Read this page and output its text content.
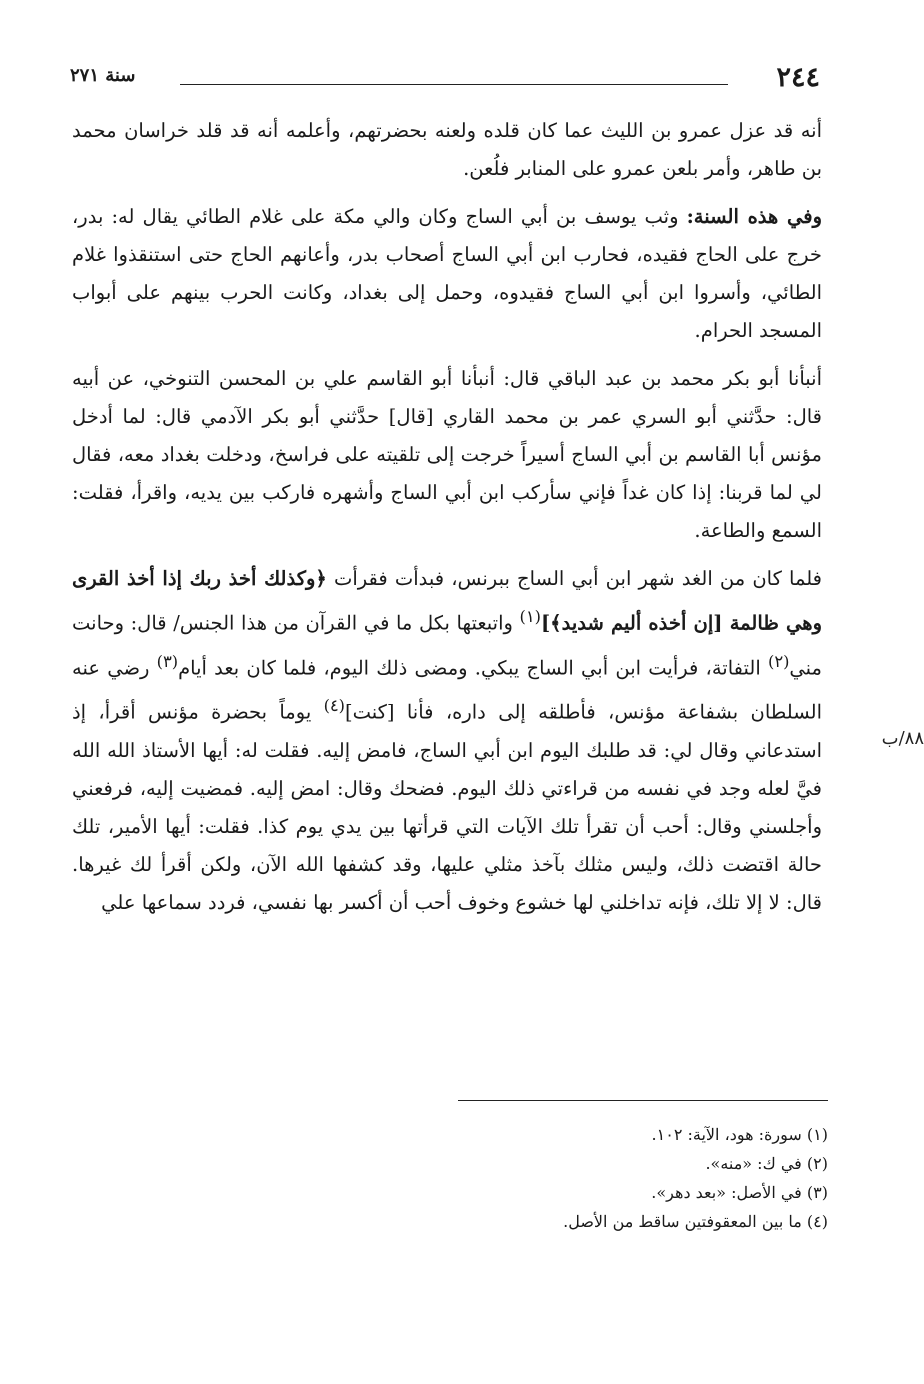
٢٤٤
سنة ٢٧١
٨٨/ب

أنه قد عزل عمرو بن الليث عما كان قلده ولعنه بحضرتهم، وأعلمه أنه قد قلد خراسان محمد بن طاهر، وأمر بلعن عمرو على المنابر فلُعن.

وفي هذه السنة: وثب يوسف بن أبي الساج وكان والي مكة على غلام الطائي يقال له: بدر، خرج على الحاج فقيده، فحارب ابن أبي الساج أصحاب بدر، وأعانهم الحاج حتى استنقذوا غلام الطائي، وأسروا ابن أبي الساج فقيدوه، وحمل إلى بغداد، وكانت الحرب بينهم على أبواب المسجد الحرام.

أنبأنا أبو بكر محمد بن عبد الباقي قال: أنبأنا أبو القاسم علي بن المحسن التنوخي، عن أبيه قال: حدَّثني أبو السري عمر بن محمد القاري [قال] حدَّثني أبو بكر الآدمي قال: لما أدخل مؤنس أبا القاسم بن أبي الساج أسيراً خرجت إلى تلقيته على فراسخ، ودخلت بغداد معه، فقال لي لما قربنا: إذا كان غداً فإني سأركب ابن أبي الساج وأشهره فاركب بين يديه، واقرأ، فقلت: السمع والطاعة.

فلما كان من الغد شهر ابن أبي الساج ببرنس، فبدأت فقرأت ﴿وكذلك أخذ ربك إذا أخذ القرى وهي ظالمة [إن أخذه أليم شديد﴾]$^{(١)}$ واتبعتها بكل ما في القرآن من هذا الجنس/ قال: وحانت مني$^{(٢)}$ التفاتة، فرأيت ابن أبي الساج يبكي. ومضى ذلك اليوم، فلما كان بعد أيام$^{(٣)}$ رضي عنه السلطان بشفاعة مؤنس، فأطلقه إلى داره، فأنا [كنت]$^{(٤)}$ يوماً بحضرة مؤنس أقرأ، إذ استدعاني وقال لي: قد طلبك اليوم ابن أبي الساج، فامض إليه. فقلت له: أيها الأستاذ الله الله فيَّ لعله وجد في نفسه من قراءتي ذلك اليوم. فضحك وقال: امض إليه. فمضيت إليه، فرفعني وأجلسني وقال: أحب أن تقرأ تلك الآيات التي قرأتها بين يدي يوم كذا. فقلت: أيها الأمير، تلك حالة اقتضت ذلك، وليس مثلك بآخذ مثلي عليها، وقد كشفها الله الآن، ولكن أقرأ لك غيرها. قال: لا إلا تلك، فإنه تداخلني لها خشوع وخوف أحب أن أكسر بها نفسي، فردد سماعها علي

(١) سورة: هود، الآية: ١٠٢.

(٢) في ك: «منه».

(٣) في الأصل: «بعد دهر».

(٤) ما بين المعقوفتين ساقط من الأصل.
